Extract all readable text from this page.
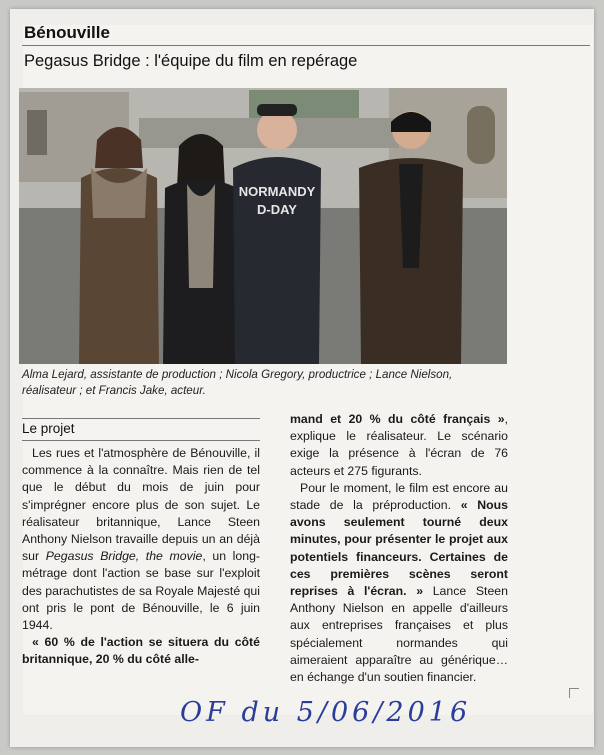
Bénouville
Pegasus Bridge : l'équipe du film en repérage
NORMANDY
D-DAY
Alma Lejard, assistante de production ; Nicola Gregory, productrice ; Lance Nielson, réalisateur ; et Francis Jake, acteur.
Le projet

Les rues et l'atmosphère de Bénouville, il commence à la connaître. Mais rien de tel que le début du mois de juin pour s'imprégner encore plus de son sujet. Le réalisateur britannique, Lance Steen Anthony Nielson travaille depuis un an déjà sur Pegasus Bridge, the movie, un long-métrage dont l'action se base sur l'exploit des parachutistes de sa Royale Majesté qui ont pris le pont de Bénouville, le 6 juin 1944.

« 60 % de l'action se situera du côté britannique, 20 % du côté alle-

mand et 20 % du côté français », explique le réalisateur. Le scénario exige la présence à l'écran de 76 acteurs et 275 figurants.

Pour le moment, le film est encore au stade de la préproduction. « Nous avons seulement tourné deux minutes, pour présenter le projet aux potentiels financeurs. Certaines de ces premières scènes seront reprises à l'écran. » Lance Steen Anthony Nielson en appelle d'ailleurs aux entreprises françaises et plus spécialement normandes qui aimeraient apparaître au générique… en échange d'un soutien financier.

OF du 5/06/2016
